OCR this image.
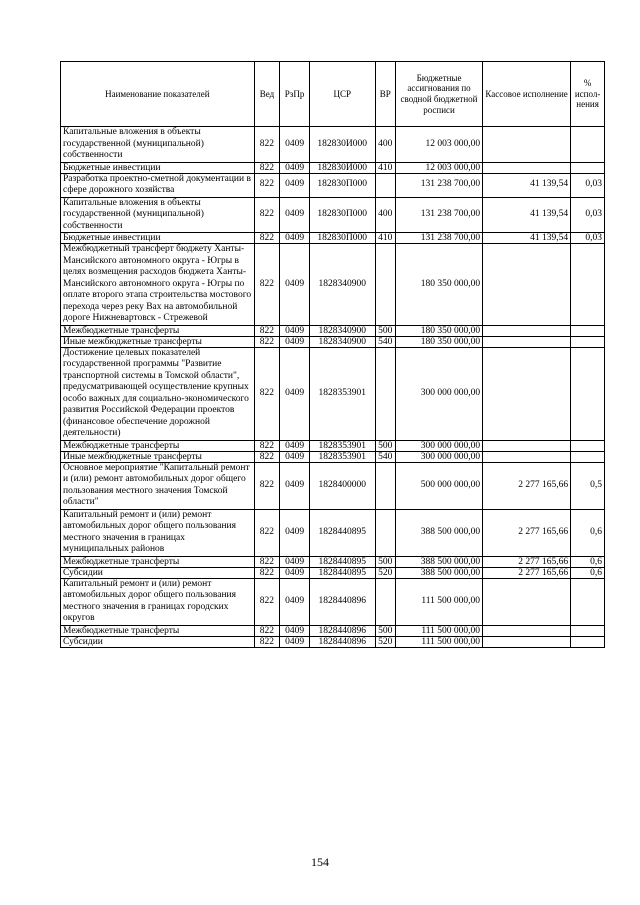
Наименование показателей	Вед	РзПр	ЦСР	ВР	Бюджетные ассигнования по сводной бюджетной росписи	Кассовое исполнение	% испол-нения
Капитальные вложения в объекты государственной (муниципальной) собственности	822	0409	182830И000	400	12 003 000,00		
Бюджетные инвестиции	822	0409	182830И000	410	12 003 000,00		
Разработка проектно-сметной документации в сфере дорожного хозяйства	822	0409	182830П000		131 238 700,00	41 139,54	0,03
Капитальные вложения в объекты государственной (муниципальной) собственности	822	0409	182830П000	400	131 238 700,00	41 139,54	0,03
Бюджетные инвестиции	822	0409	182830П000	410	131 238 700,00	41 139,54	0,03
Межбюджетный трансферт бюджету Ханты-Мансийского автономного округа - Югры в целях возмещения расходов бюджета Ханты-Мансийского автономного округа - Югры по оплате второго этапа строительства мостового перехода через реку Вах на автомобильной дороге Нижневартовск - Стрежевой	822	0409	1828340900		180 350 000,00		
Межбюджетные трансферты	822	0409	1828340900	500	180 350 000,00		
Иные межбюджетные трансферты	822	0409	1828340900	540	180 350 000,00		
Достижение целевых показателей государственной программы "Развитие транспортной системы в Томской области", предусматривающей осуществление крупных особо важных для социально-экономического развития Российской Федерации проектов (финансовое обеспечение дорожной деятельности)	822	0409	1828353901		300 000 000,00		
Межбюджетные трансферты	822	0409	1828353901	500	300 000 000,00		
Иные межбюджетные трансферты	822	0409	1828353901	540	300 000 000,00		
Основное мероприятие "Капитальный ремонт и (или) ремонт автомобильных дорог общего пользования местного значения Томской области"	822	0409	1828400000		500 000 000,00	2 277 165,66	0,5
Капитальный ремонт и (или) ремонт автомобильных дорог общего пользования местного значения в границах муниципальных районов	822	0409	1828440895		388 500 000,00	2 277 165,66	0,6
Межбюджетные трансферты	822	0409	1828440895	500	388 500 000,00	2 277 165,66	0,6
Субсидии	822	0409	1828440895	520	388 500 000,00	2 277 165,66	0,6
Капитальный ремонт и (или) ремонт автомобильных дорог общего пользования местного значения в границах городских округов	822	0409	1828440896		111 500 000,00		
Межбюджетные трансферты	822	0409	1828440896	500	111 500 000,00		
Субсидии	822	0409	1828440896	520	111 500 000,00		
154
